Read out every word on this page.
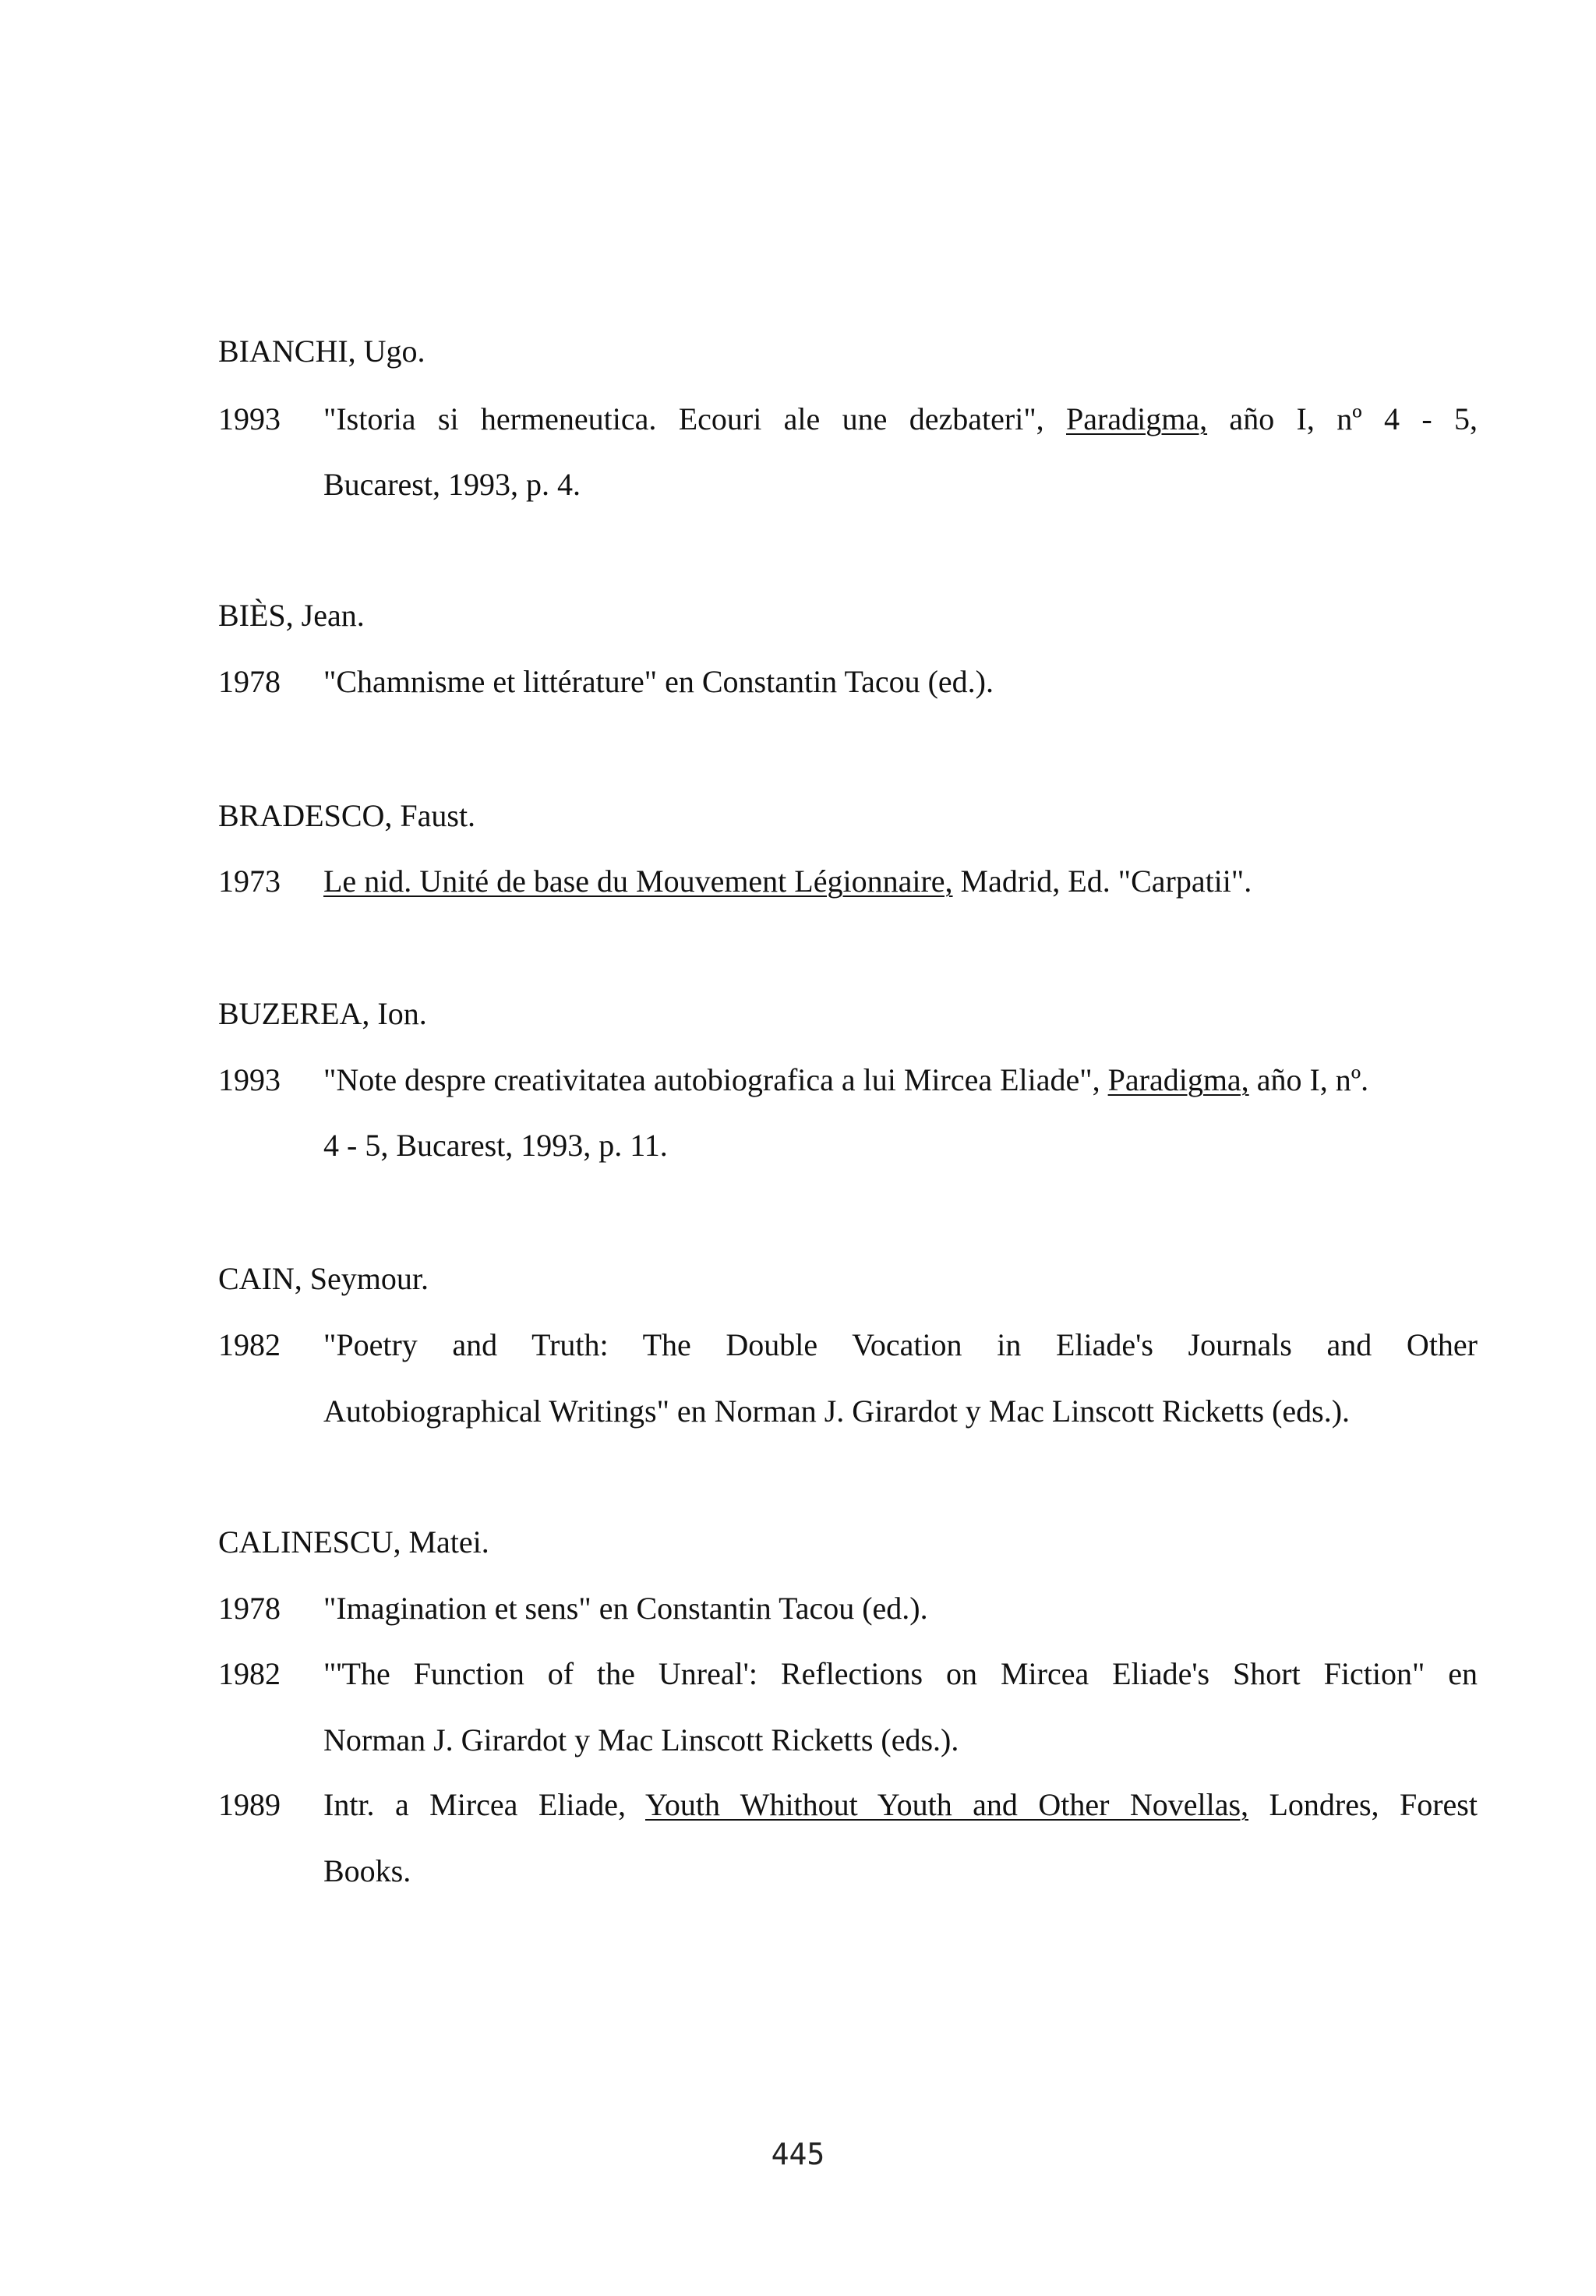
BIANCHI, Ugo.
1993 "Istoria si hermeneutica. Ecouri ale une dezbateri", Paradigma, año I, nº 4 - 5,
Bucarest, 1993, p. 4.
BIÈS, Jean.
1978 "Chamnisme et littérature" en Constantin Tacou (ed.).
BRADESCO, Faust.
1973 Le nid. Unité de base du Mouvement Légionnaire, Madrid, Ed. "Carpatii".
BUZEREA, Ion.
1993 "Note despre creativitatea autobiografica a lui Mircea Eliade", Paradigma, año I, nº.
4 - 5, Bucarest, 1993, p. 11.
CAIN, Seymour.
1982 "Poetry and Truth: The Double Vocation in Eliade's Journals and Other
Autobiographical Writings" en Norman J. Girardot y Mac Linscott Ricketts (eds.).
CALINESCU, Matei.
1978 "Imagination et sens" en Constantin Tacou (ed.).
1982 "'The Function of the Unreal': Reflections on Mircea Eliade's Short Fiction" en
Norman J. Girardot y Mac Linscott Ricketts (eds.).
1989 Intr. a Mircea Eliade, Youth Whithout Youth and Other Novellas, Londres, Forest
Books.
445
